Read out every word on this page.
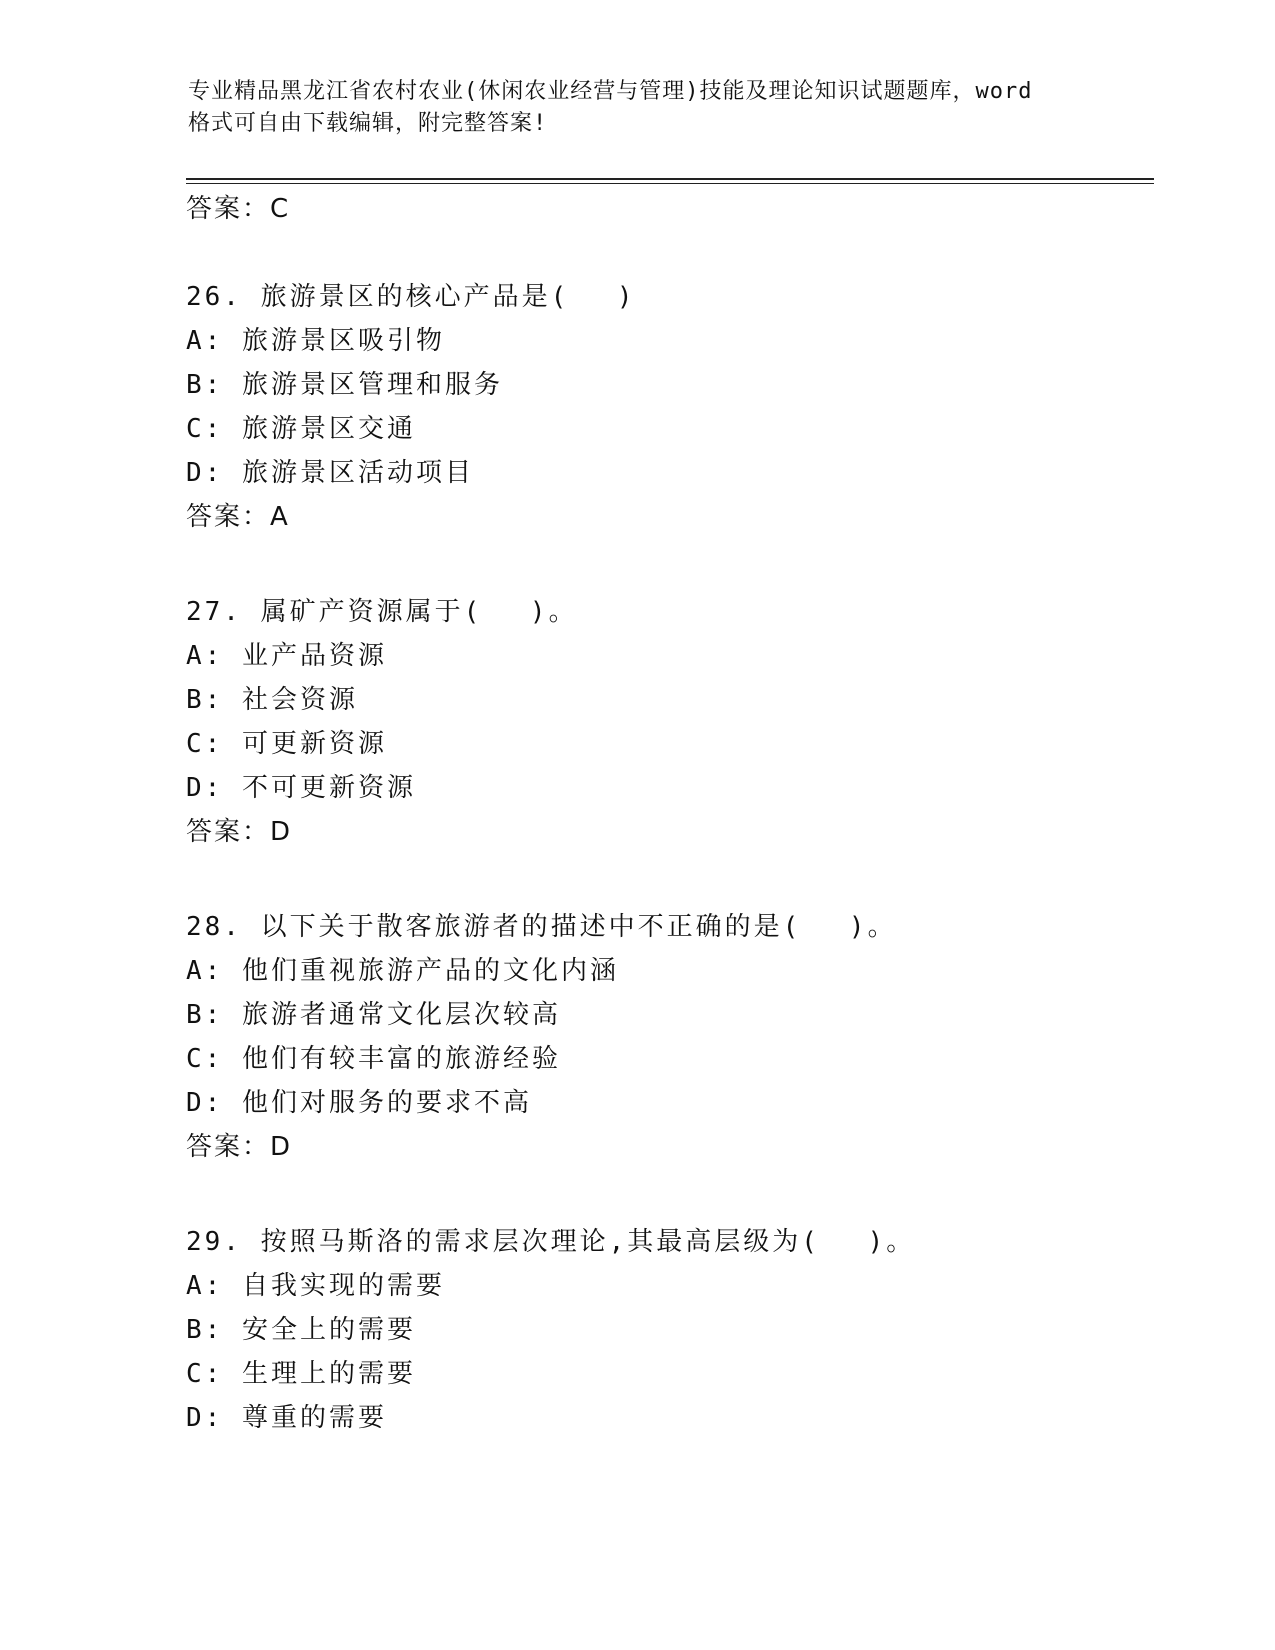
专业精品黑龙江省农村农业(休闲农业经营与管理)技能及理论知识试题题库，word
格式可自由下载编辑，附完整答案!
答案：C
26. 旅游景区的核心产品是(　 )
A: 旅游景区吸引物
B: 旅游景区管理和服务
C: 旅游景区交通
D: 旅游景区活动项目
答案：A
27. 属矿产资源属于(　 )。
A: 业产品资源
B: 社会资源
C: 可更新资源
D: 不可更新资源
答案：D
28. 以下关于散客旅游者的描述中不正确的是(　 )。
A: 他们重视旅游产品的文化内涵
B: 旅游者通常文化层次较高
C: 他们有较丰富的旅游经验
D: 他们对服务的要求不高
答案：D
29. 按照马斯洛的需求层次理论,其最高层级为(　 )。
A: 自我实现的需要
B: 安全上的需要
C: 生理上的需要
D: 尊重的需要
